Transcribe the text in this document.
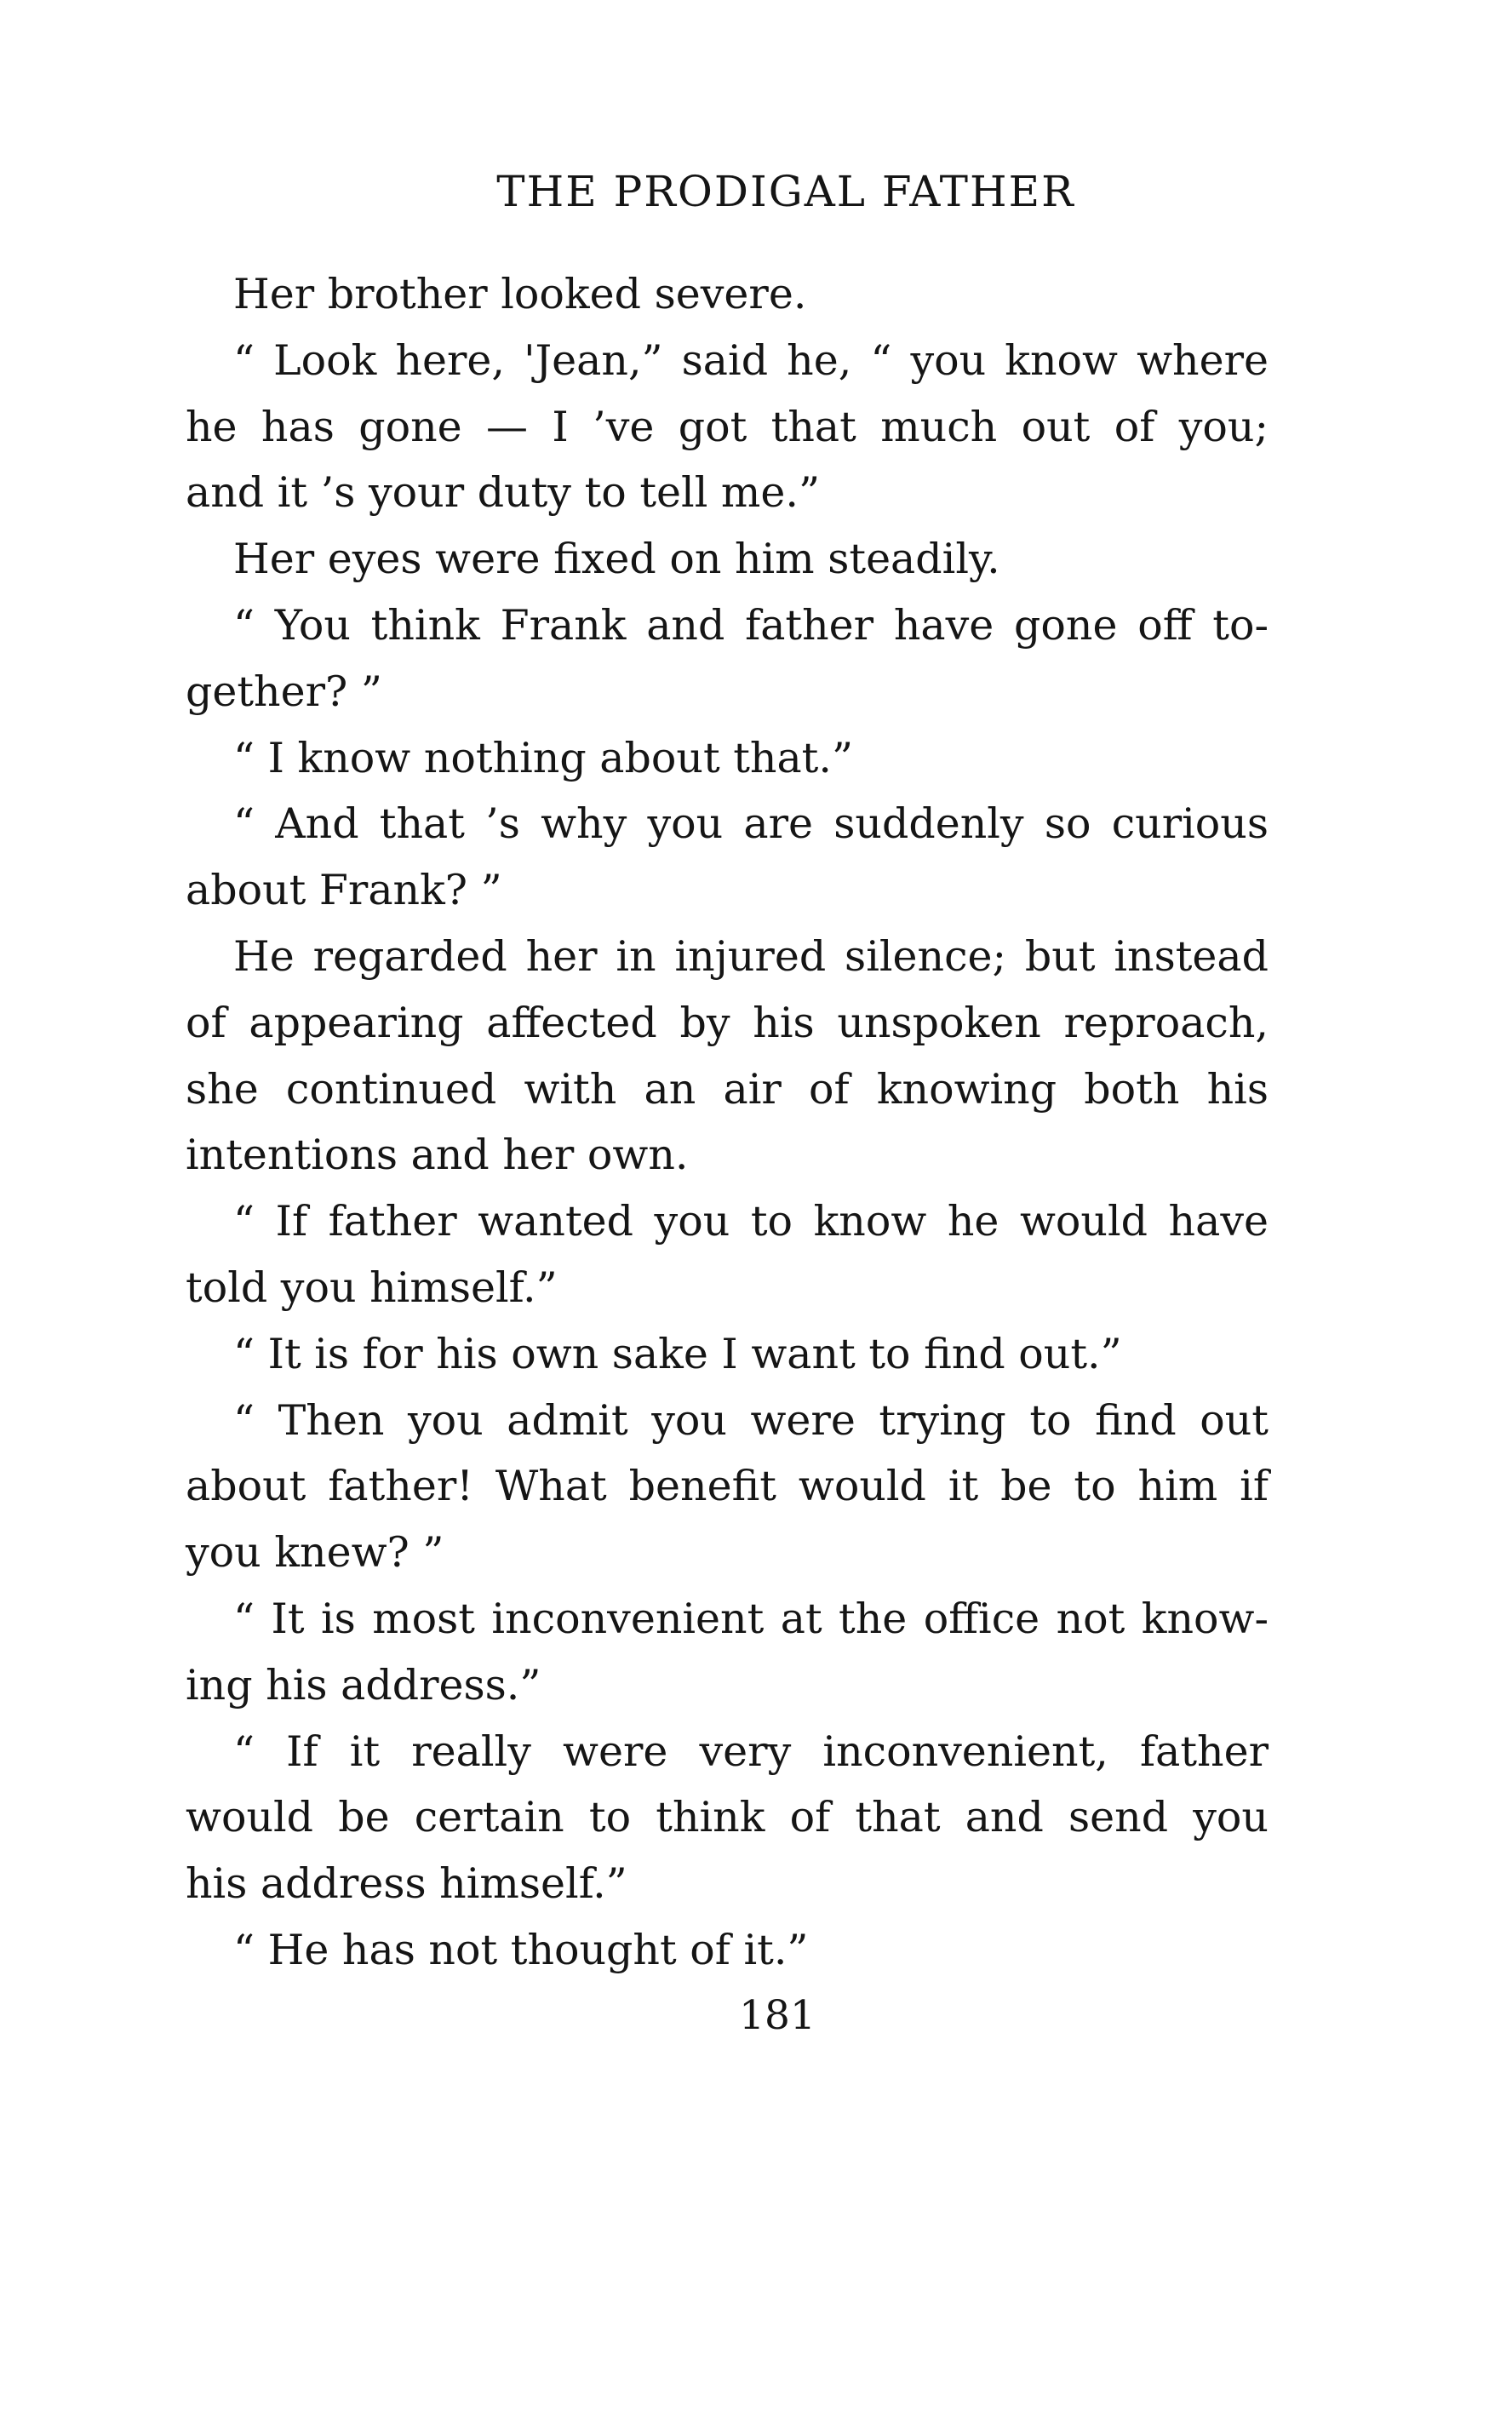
THE PRODIGAL FATHER
Her brother looked severe.
“ Look here, 'Jean,” said he, “ you know where
he has gone — I ’ve got that much out of you;
and it ’s your duty to tell me.”
Her eyes were fixed on him steadily.
“ You think Frank and father have gone off to-
gether? ”
“ I know nothing about that.”
“ And that ’s why you are suddenly so curious
about Frank? ”
He regarded her in injured silence; but instead
of appearing affected by his unspoken reproach,
she continued with an air of knowing both his
intentions and her own.
“ If father wanted you to know he would have
told you himself.”
“ It is for his own sake I want to find out.”
“ Then you admit you were trying to find out
about father! What benefit would it be to him if
you knew? ”
“ It is most inconvenient at the office not know-
ing his address.”
“ If it really were very inconvenient, father
would be certain to think of that and send you
his address himself.”
“ He has not thought of it.”
181
